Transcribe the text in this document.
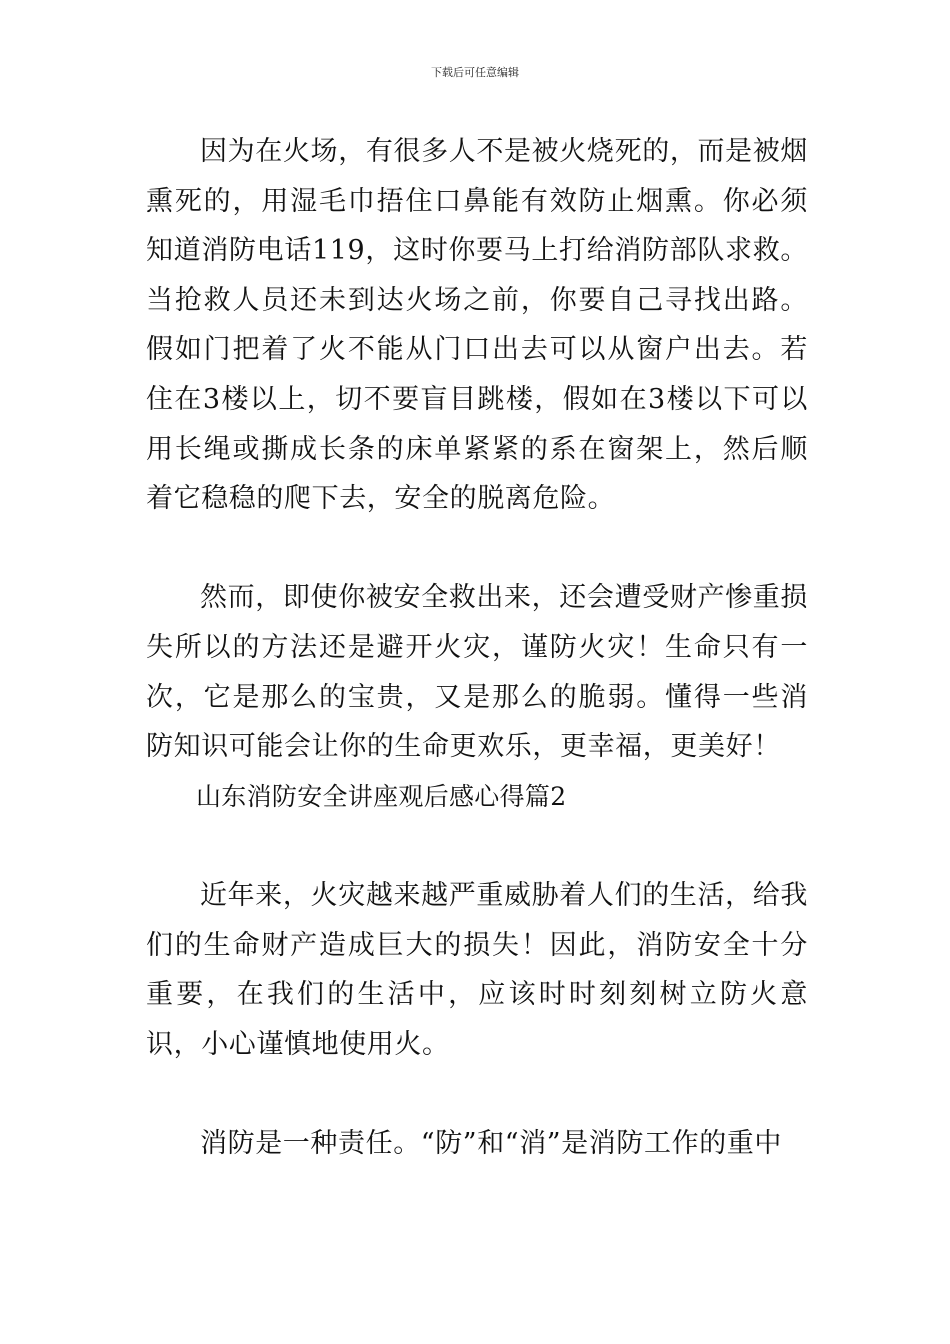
下载后可任意编辑

因为在火场，有很多人不是被火烧死的，而是被烟熏死的，用湿毛巾捂住口鼻能有效防止烟熏。你必须知道消防电话119，这时你要马上打给消防部队求救。当抢救人员还未到达火场之前，你要自己寻找出路。假如门把着了火不能从门口出去可以从窗户出去。若住在3楼以上，切不要盲目跳楼，假如在3楼以下可以用长绳或撕成长条的床单紧紧的系在窗架上，然后顺着它稳稳的爬下去，安全的脱离危险。

然而，即使你被安全救出来，还会遭受财产惨重损失所以的方法还是避开火灾，谨防火灾！生命只有一次，它是那么的宝贵，又是那么的脆弱。懂得一些消防知识可能会让你的生命更欢乐，更幸福，更美好！

山东消防安全讲座观后感心得篇2

近年来，火灾越来越严重威胁着人们的生活，给我们的生命财产造成巨大的损失！因此，消防安全十分重要，在我们的生活中，应该时时刻刻树立防火意识，小心谨慎地使用火。

消防是一种责任。“防”和“消”是消防工作的重中
